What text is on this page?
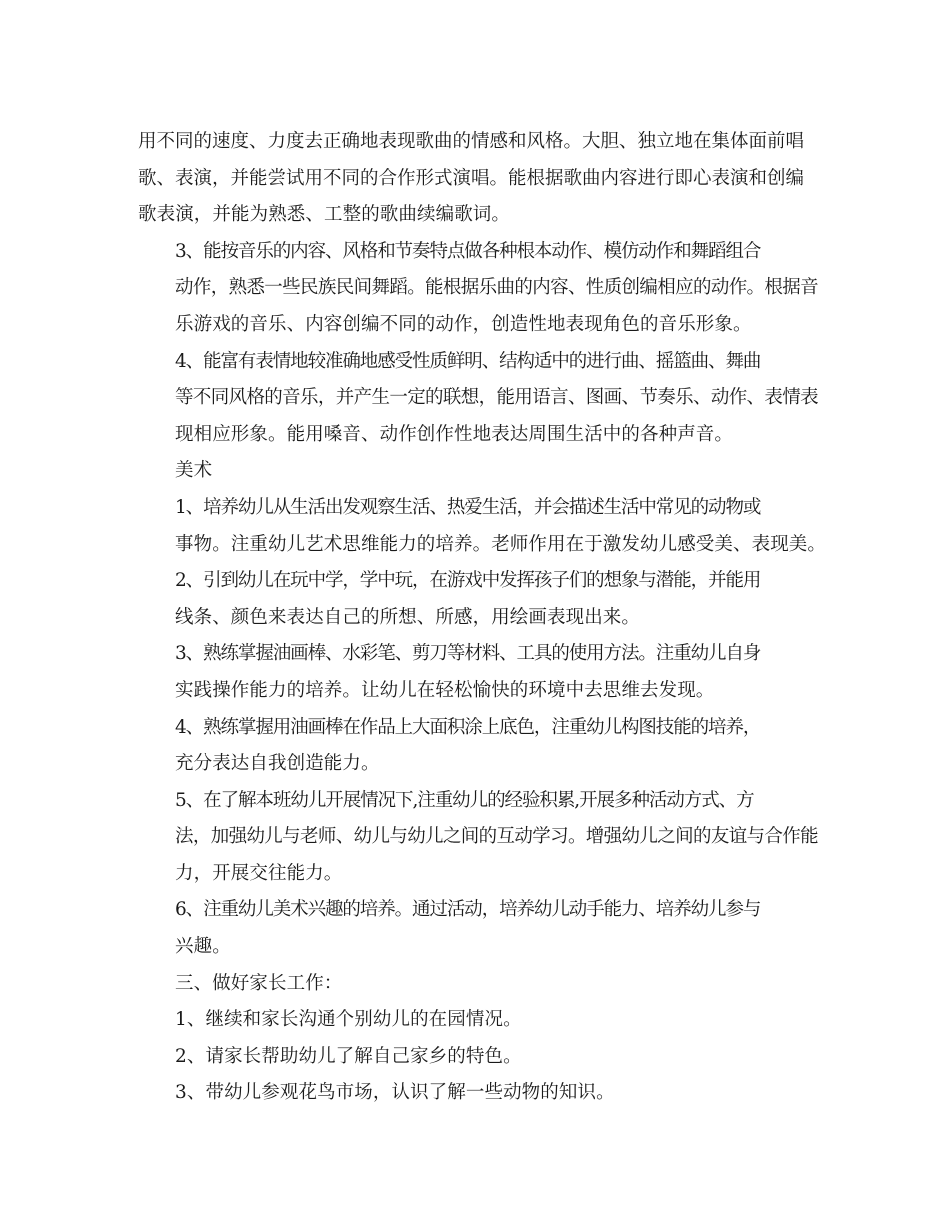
用不同的速度、力度去正确地表现歌曲的情感和风格。大胆、独立地在集体面前唱
歌、表演，并能尝试用不同的合作形式演唱。能根据歌曲内容进行即心表演和创编
歌表演，并能为熟悉、工整的歌曲续编歌词。
3、能按音乐的内容、风格和节奏特点做各种根本动作、模仿动作和舞蹈组合
动作，熟悉一些民族民间舞蹈。能根据乐曲的内容、性质创编相应的动作。根据音
乐游戏的音乐、内容创编不同的动作，创造性地表现角色的音乐形象。
4、能富有表情地较准确地感受性质鲜明、结构适中的进行曲、摇篮曲、舞曲
等不同风格的音乐，并产生一定的联想，能用语言、图画、节奏乐、动作、表情表
现相应形象。能用嗓音、动作创作性地表达周围生活中的各种声音。
美术
1、培养幼儿从生活出发观察生活、热爱生活，并会描述生活中常见的动物或
事物。注重幼儿艺术思维能力的培养。老师作用在于激发幼儿感受美、表现美。
2、引到幼儿在玩中学，学中玩，在游戏中发挥孩子们的想象与潜能，并能用
线条、颜色来表达自己的所想、所感，用绘画表现出来。
3、熟练掌握油画棒、水彩笔、剪刀等材料、工具的使用方法。注重幼儿自身
实践操作能力的培养。让幼儿在轻松愉快的环境中去思维去发现。
4、熟练掌握用油画棒在作品上大面积涂上底色，注重幼儿构图技能的培养，
充分表达自我创造能力。
5、在了解本班幼儿开展情况下,注重幼儿的经验积累,开展多种活动方式、方
法，加强幼儿与老师、幼儿与幼儿之间的互动学习。增强幼儿之间的友谊与合作能
力，开展交往能力。
6、注重幼儿美术兴趣的培养。通过活动，培养幼儿动手能力、培养幼儿参与
兴趣。
三、做好家长工作：
1、继续和家长沟通个别幼儿的在园情况。
2、请家长帮助幼儿了解自己家乡的特色。
3、带幼儿参观花鸟市场，认识了解一些动物的知识。
